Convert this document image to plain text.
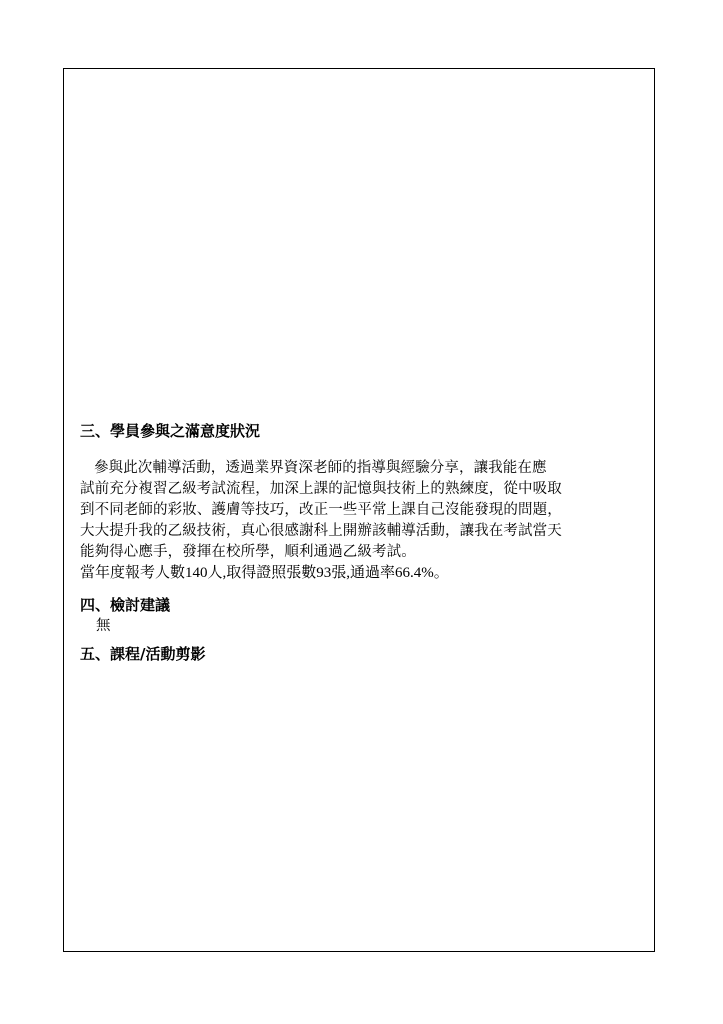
三、學員參與之滿意度狀況
參與此次輔導活動，透過業界資深老師的指導與經驗分享，讓我能在應
試前充分複習乙級考試流程，加深上課的記憶與技術上的熟練度，從中吸取
到不同老師的彩妝、護膚等技巧，改正一些平常上課自己沒能發現的問題，
大大提升我的乙級技術，真心很感謝科上開辦該輔導活動，讓我在考試當天
能夠得心應手，發揮在校所學，順利通過乙級考試。
當年度報考人數140人,取得證照張數93張,通過率66.4%。
四、檢討建議
無
五、課程/活動剪影
